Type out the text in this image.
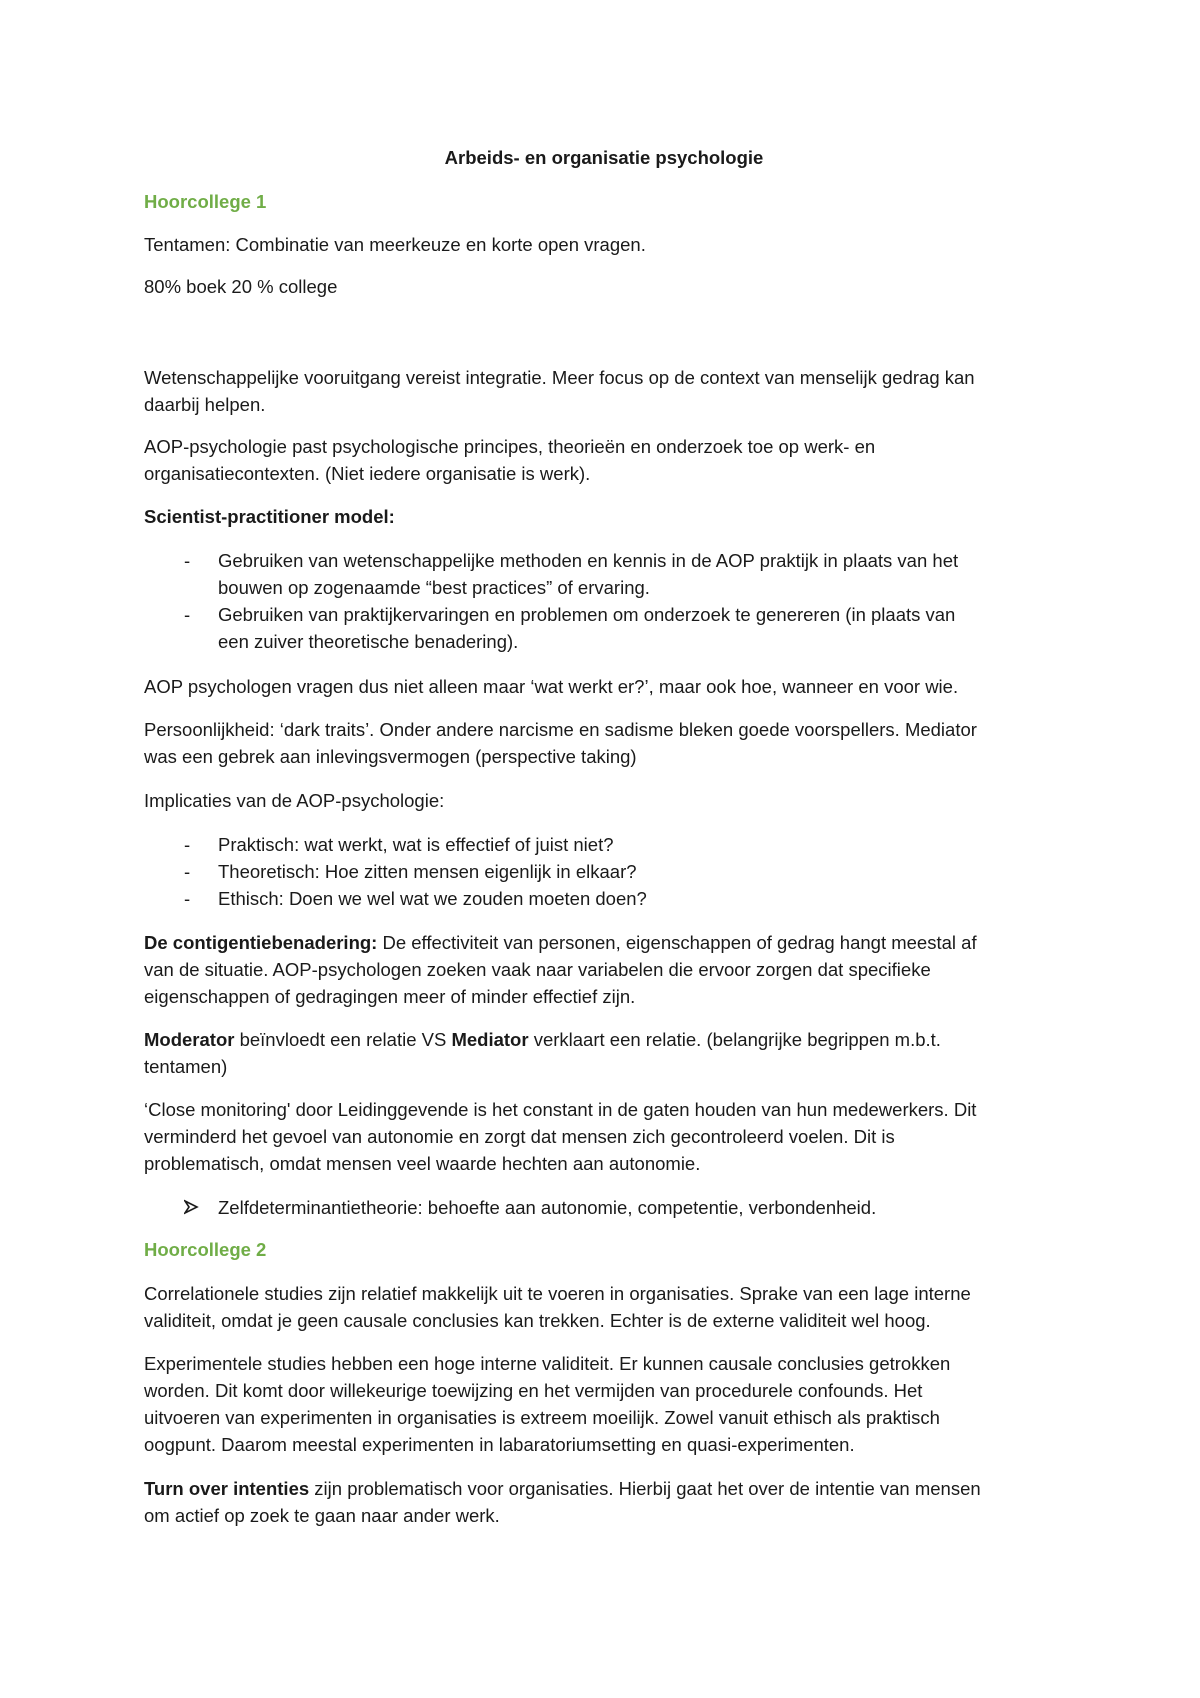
Arbeids- en organisatie psychologie
Hoorcollege 1
Tentamen: Combinatie van meerkeuze en korte open vragen.
80% boek 20 % college
Wetenschappelijke vooruitgang vereist integratie. Meer focus op de context van menselijk gedrag kan
daarbij helpen.
AOP-psychologie past psychologische principes, theorieën en onderzoek toe op werk- en
organisatiecontexten. (Niet iedere organisatie is werk).
Scientist-practitioner model:
- Gebruiken van wetenschappelijke methoden en kennis in de AOP praktijk in plaats van het
bouwen op zogenaamde “best practices” of ervaring.
- Gebruiken van praktijkervaringen en problemen om onderzoek te genereren (in plaats van
een zuiver theoretische benadering).
AOP psychologen vragen dus niet alleen maar ‘wat werkt er?’, maar ook hoe, wanneer en voor wie.
Persoonlijkheid: ‘dark traits’. Onder andere narcisme en sadisme bleken goede voorspellers. Mediator
was een gebrek aan inlevingsvermogen (perspective taking)
Implicaties van de AOP-psychologie:
- Praktisch: wat werkt, wat is effectief of juist niet?
- Theoretisch: Hoe zitten mensen eigenlijk in elkaar?
- Ethisch: Doen we wel wat we zouden moeten doen?
De contigentiebenadering: De effectiviteit van personen, eigenschappen of gedrag hangt meestal af
van de situatie. AOP-psychologen zoeken vaak naar variabelen die ervoor zorgen dat specifieke
eigenschappen of gedragingen meer of minder effectief zijn.
Moderator beïnvloedt een relatie VS Mediator verklaart een relatie. (belangrijke begrippen m.b.t.
tentamen)
‘Close monitoring' door Leidinggevende is het constant in de gaten houden van hun medewerkers. Dit
verminderd het gevoel van autonomie en zorgt dat mensen zich gecontroleerd voelen. Dit is
problematisch, omdat mensen veel waarde hechten aan autonomie.
Zelfdeterminantietheorie: behoefte aan autonomie, competentie, verbondenheid.
Hoorcollege 2
Correlationele studies zijn relatief makkelijk uit te voeren in organisaties. Sprake van een lage interne
validiteit, omdat je geen causale conclusies kan trekken. Echter is de externe validiteit wel hoog.
Experimentele studies hebben een hoge interne validiteit. Er kunnen causale conclusies getrokken
worden. Dit komt door willekeurige toewijzing en het vermijden van procedurele confounds. Het
uitvoeren van experimenten in organisaties is extreem moeilijk. Zowel vanuit ethisch als praktisch
oogpunt. Daarom meestal experimenten in labaratoriumsetting en quasi-experimenten.
Turn over intenties zijn problematisch voor organisaties. Hierbij gaat het over de intentie van mensen
om actief op zoek te gaan naar ander werk.
